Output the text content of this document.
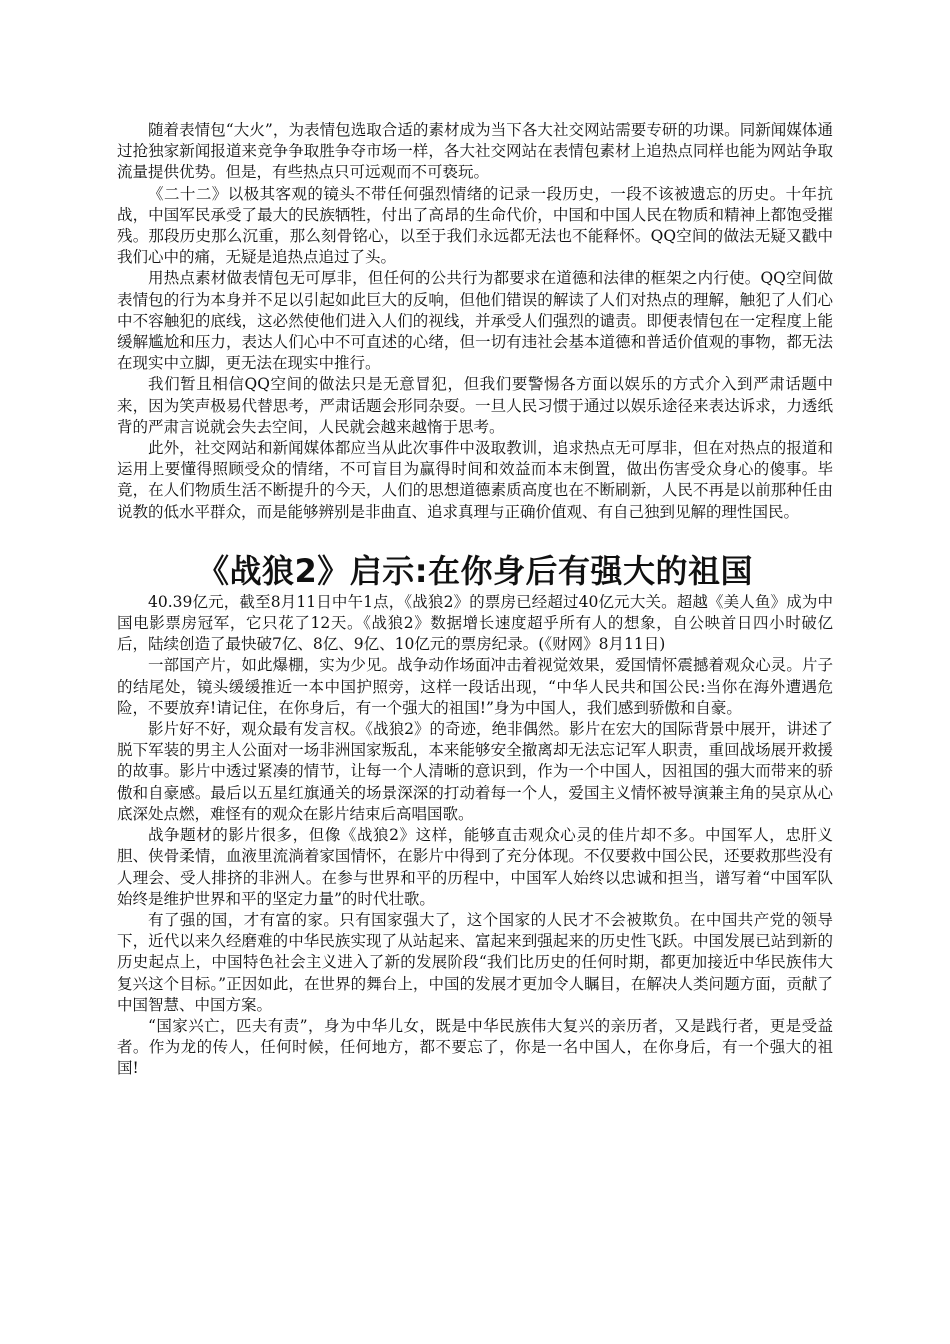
随着表情包“大火”，为表情包选取合适的素材成为当下各大社交网站需要专研的功课。同新闻媒体通过抢独家新闻报道来竞争争取胜争夺市场一样，各大社交网站在表情包素材上追热点同样也能为网站争取流量提供优势。但是，有些热点只可远观而不可亵玩。

《二十二》以极其客观的镜头不带任何强烈情绪的记录一段历史，一段不该被遗忘的历史。十年抗战，中国军民承受了最大的民族牺牲，付出了高昂的生命代价，中国和中国人民在物质和精神上都饱受摧残。那段历史那么沉重，那么刻骨铭心，以至于我们永远都无法也不能释怀。QQ空间的做法无疑又戳中我们心中的痛，无疑是追热点追过了头。

用热点素材做表情包无可厚非，但任何的公共行为都要求在道德和法律的框架之内行使。QQ空间做表情包的行为本身并不足以引起如此巨大的反响，但他们错误的解读了人们对热点的理解，触犯了人们心中不容触犯的底线，这必然使他们进入人们的视线，并承受人们强烈的谴责。即便表情包在一定程度上能缓解尴尬和压力，表达人们心中不可直述的心绪，但一切有违社会基本道德和普适价值观的事物，都无法在现实中立脚，更无法在现实中推行。

我们暂且相信QQ空间的做法只是无意冒犯，但我们要警惕各方面以娱乐的方式介入到严肃话题中来，因为笑声极易代替思考，严肃话题会形同杂耍。一旦人民习惯于通过以娱乐途径来表达诉求，力透纸背的严肃言说就会失去空间，人民就会越来越惰于思考。

此外，社交网站和新闻媒体都应当从此次事件中汲取教训，追求热点无可厚非，但在对热点的报道和运用上要懂得照顾受众的情绪，不可盲目为赢得时间和效益而本末倒置，做出伤害受众身心的傻事。毕竟，在人们物质生活不断提升的今天，人们的思想道德素质高度也在不断刷新，人民不再是以前那种任由说教的低水平群众，而是能够辨别是非曲直、追求真理与正确价值观、有自己独到见解的理性国民。

《战狼2》启示:在你身后有强大的祖国

40.39亿元，截至8月11日中午1点，《战狼2》的票房已经超过40亿元大关。超越《美人鱼》成为中国电影票房冠军，它只花了12天。《战狼2》数据增长速度超乎所有人的想象，自公映首日四小时破亿后，陆续创造了最快破7亿、8亿、9亿、10亿元的票房纪录。(《财网》8月11日)

一部国产片，如此爆棚，实为少见。战争动作场面冲击着视觉效果，爱国情怀震撼着观众心灵。片子的结尾处，镜头缓缓推近一本中国护照旁，这样一段话出现，“中华人民共和国公民:当你在海外遭遇危险，不要放弃!请记住，在你身后，有一个强大的祖国!”身为中国人，我们感到骄傲和自豪。

影片好不好，观众最有发言权。《战狼2》的奇迹，绝非偶然。影片在宏大的国际背景中展开，讲述了脱下军装的男主人公面对一场非洲国家叛乱，本来能够安全撤离却无法忘记军人职责，重回战场展开救援的故事。影片中透过紧凑的情节，让每一个人清晰的意识到，作为一个中国人，因祖国的强大而带来的骄傲和自豪感。最后以五星红旗通关的场景深深的打动着每一个人，爱国主义情怀被导演兼主角的吴京从心底深处点燃，难怪有的观众在影片结束后高唱国歌。

战争题材的影片很多，但像《战狼2》这样，能够直击观众心灵的佳片却不多。中国军人，忠肝义胆、侠骨柔情，血液里流淌着家国情怀，在影片中得到了充分体现。不仅要救中国公民，还要救那些没有人理会、受人排挤的非洲人。在参与世界和平的历程中，中国军人始终以忠诚和担当，谱写着“中国军队始终是维护世界和平的坚定力量”的时代壮歌。

有了强的国，才有富的家。只有国家强大了，这个国家的人民才不会被欺负。在中国共产党的领导下，近代以来久经磨难的中华民族实现了从站起来、富起来到强起来的历史性飞跃。中国发展已站到新的历史起点上，中国特色社会主义进入了新的发展阶段“我们比历史的任何时期，都更加接近中华民族伟大复兴这个目标。”正因如此，在世界的舞台上，中国的发展才更加令人瞩目，在解决人类问题方面，贡献了中国智慧、中国方案。

“国家兴亡，匹夫有责”，身为中华儿女，既是中华民族伟大复兴的亲历者，又是践行者，更是受益者。作为龙的传人，任何时候，任何地方，都不要忘了，你是一名中国人，在你身后，有一个强大的祖国!
